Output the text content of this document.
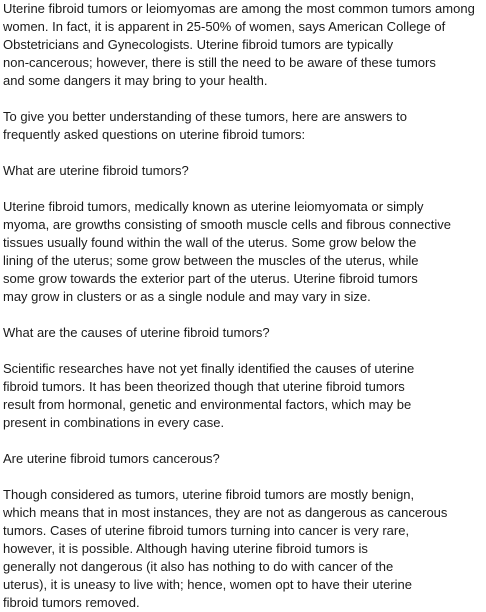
Uterine fibroid tumors or leiomyomas are among the most common tumors among
women. In fact, it is apparent in 25-50% of women, says American College of
Obstetricians and Gynecologists. Uterine fibroid tumors are typically
non-cancerous; however, there is still the need to be aware of these tumors
and some dangers it may bring to your health.

To give you better understanding of these tumors, here are answers to
frequently asked questions on uterine fibroid tumors:

What are uterine fibroid tumors?

Uterine fibroid tumors, medically known as uterine leiomyomata or simply
myoma, are growths consisting of smooth muscle cells and fibrous connective
tissues usually found within the wall of the uterus. Some grow below the
lining of the uterus; some grow between the muscles of the uterus, while
some grow towards the exterior part of the uterus. Uterine fibroid tumors
may grow in clusters or as a single nodule and may vary in size.

What are the causes of uterine fibroid tumors?

Scientific researches have not yet finally identified the causes of uterine
fibroid tumors. It has been theorized though that uterine fibroid tumors
result from hormonal, genetic and environmental factors, which may be
present in combinations in every case.

Are uterine fibroid tumors cancerous?

Though considered as tumors, uterine fibroid tumors are mostly benign,
which means that in most instances, they are not as dangerous as cancerous
tumors. Cases of uterine fibroid tumors turning into cancer is very rare,
however, it is possible. Although having uterine fibroid tumors is
generally not dangerous (it also has nothing to do with cancer of the
uterus), it is uneasy to live with; hence, women opt to have their uterine
fibroid tumors removed.
